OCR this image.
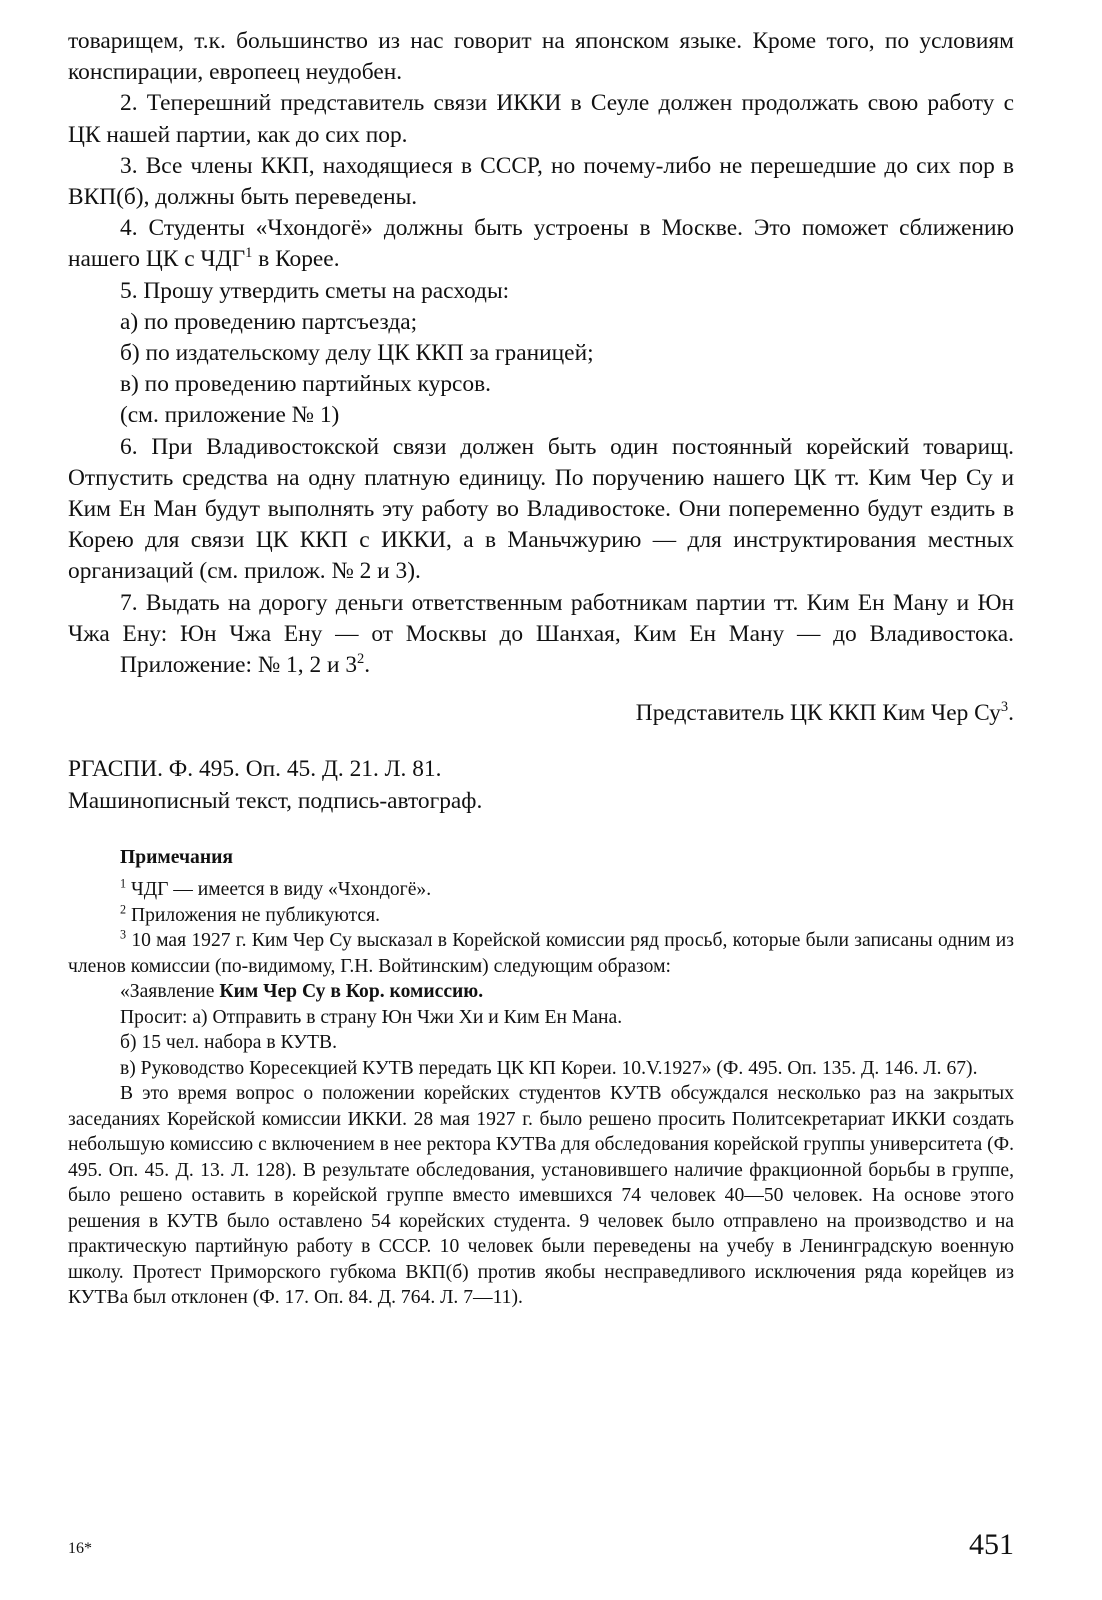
товарищем, т.к. большинство из нас говорит на японском языке. Кроме того, по условиям конспирации, европеец неудобен.

2. Теперешний представитель связи ИККИ в Сеуле должен продолжать свою работу с ЦК нашей партии, как до сих пор.

3. Все члены ККП, находящиеся в СССР, но почему-либо не перешедшие до сих пор в ВКП(б), должны быть переведены.

4. Студенты «Чхондогё» должны быть устроены в Москве. Это поможет сближению нашего ЦК с ЧДГ$^1$ в Корее.

5. Прошу утвердить сметы на расходы:

а) по проведению партсъезда;

б) по издательскому делу ЦК ККП за границей;

в) по проведению партийных курсов.

(см. приложение № 1)

6. При Владивостокской связи должен быть один постоянный корейский товарищ. Отпустить средства на одну платную единицу. По поручению нашего ЦК тт. Ким Чер Су и Ким Ен Ман будут выполнять эту работу во Владивостоке. Они попеременно будут ездить в Корею для связи ЦК ККП с ИККИ, а в Маньчжурию — для инструктирования местных организаций (см. прилож. № 2 и 3).

7. Выдать на дорогу деньги ответственным работникам партии тт. Ким Ен Ману и Юн Чжа Ену: Юн Чжа Ену — от Москвы до Шанхая, Ким Ен Ману — до Владивостока.

Приложение: № 1, 2 и $3^2$.

Представитель ЦК ККП Ким Чер $Су^3$.

РГАСПИ. Ф. 495. Оп. 45. Д. 21. Л. 81.
Машинописный текст, подпись-автограф.
Примечания

$^1$ ЧДГ — имеется в виду «Чхондогё».

$^2$ Приложения не публикуются.

$^3$ 10 мая 1927 г. Ким Чер Су высказал в Корейской комиссии ряд просьб, которые были записаны одним из членов комиссии (по-видимому, Г.Н. Войтинским) следующим образом:

«Заявление Ким Чер Су в Кор. комиссию.

Просит: а) Отправить в страну Юн Чжи Хи и Ким Ен Мана.

б) 15 чел. набора в КУТВ.

в) Руководство Коресекцией КУТВ передать ЦК КП Кореи. 10.V.1927» (Ф. 495. Оп. 135. Д. 146. Л. 67).

В это время вопрос о положении корейских студентов КУТВ обсуждался несколько раз на закрытых заседаниях Корейской комиссии ИККИ. 28 мая 1927 г. было решено просить Политсекретариат ИККИ создать небольшую комиссию с включением в нее ректора КУТВа для обследования корейской группы университета (Ф. 495. Оп. 45. Д. 13. Л. 128). В результате обследования, установившего наличие фракционной борьбы в группе, было решено оставить в корейской группе вместо имевшихся 74 человек 40—50 человек. На основе этого решения в КУТВ было оставлено 54 корейских студента. 9 человек было отправлено на производство и на практическую партийную работу в СССР. 10 человек были переведены на учебу в Ленинградскую военную школу. Протест Приморского губкома ВКП(б) против якобы несправедливого исключения ряда корейцев из КУТВа был отклонен (Ф. 17. Оп. 84. Д. 764. Л. 7—11).

16*	451
